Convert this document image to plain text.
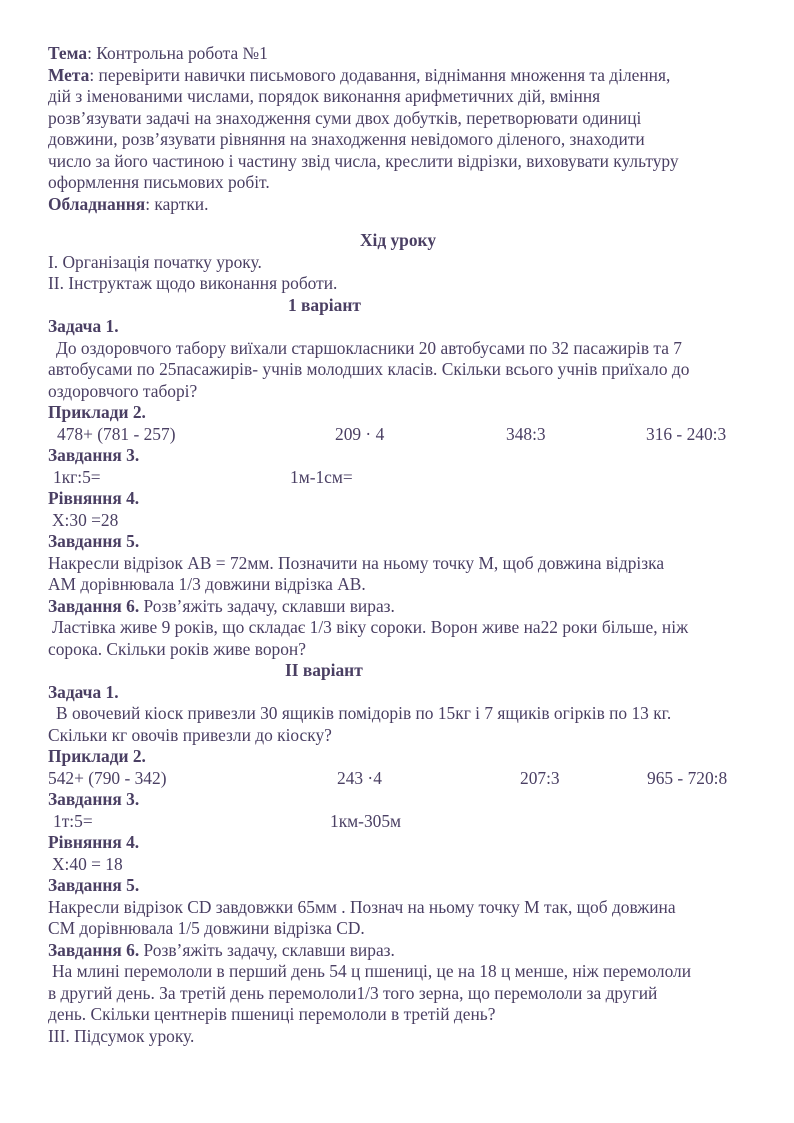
Тема: Контрольна робота №1
Мета: перевірити навички письмового додавання, віднімання множення та ділення,
дій з іменованими числами, порядок виконання арифметичних дій, вміння
розв’язувати задачі на знаходження суми двох добутків, перетворювати одиниці
довжини, розв’язувати рівняння на знаходження невідомого діленого, знаходити
число за його частиною і частину звід числа, креслити відрізки, виховувати культуру
оформлення письмових робіт.
Обладнання: картки.
Хід уроку
І. Організація початку уроку.
ІІ. Інструктаж щодо виконання роботи.
1 варіант
Задача 1.
До оздоровчого табору виїхали старшокласники 20 автобусами по 32 пасажирів та 7
автобусами по 25пасажирів- учнів молодших класів. Скільки всього учнів приїхало до
оздоровчого таборі?
Приклади 2.
478+ (781 - 257)	209 · 4	348:3	316 - 240:3
Завдання 3.
1кг:5=	1м-1см=
Рівняння 4.
Х:30 =28
Завдання 5.
Накресли відрізок АВ = 72мм. Позначити на ньому точку М, щоб довжина відрізка
АМ дорівнювала 1/3 довжини відрізка АВ.
Завдання 6. Розв’яжіть задачу, склавши вираз.
Ластівка живе 9 років, що складає 1/3 віку сороки. Ворон живе на22 роки більше, ніж
сорока. Скільки років живе ворон?
ІІ варіант
Задача 1.
В овочевий кіоск привезли 30 ящиків помідорів по 15кг і 7 ящиків огірків по 13 кг.
Скільки кг овочів привезли до кіоску?
Приклади 2.
542+ (790 - 342)	243 ·4	207:3	965 - 720:8
Завдання 3.
1т:5=	1км-305м
Рівняння 4.
Х:40 = 18
Завдання 5.
Накресли відрізок СD завдовжки 65мм . Познач на ньому точку М так, щоб довжина
СМ дорівнювала 1/5 довжини відрізка СD.
Завдання 6. Розв’яжіть задачу, склавши вираз.
На млині перемололи в перший день 54 ц пшениці, це на 18 ц менше, ніж перемололи
в другий день. За третій день перемололи1/3 того зерна, що перемололи за другий
день. Скільки центнерів пшениці перемололи в третій день?
ІІІ. Підсумок уроку.
